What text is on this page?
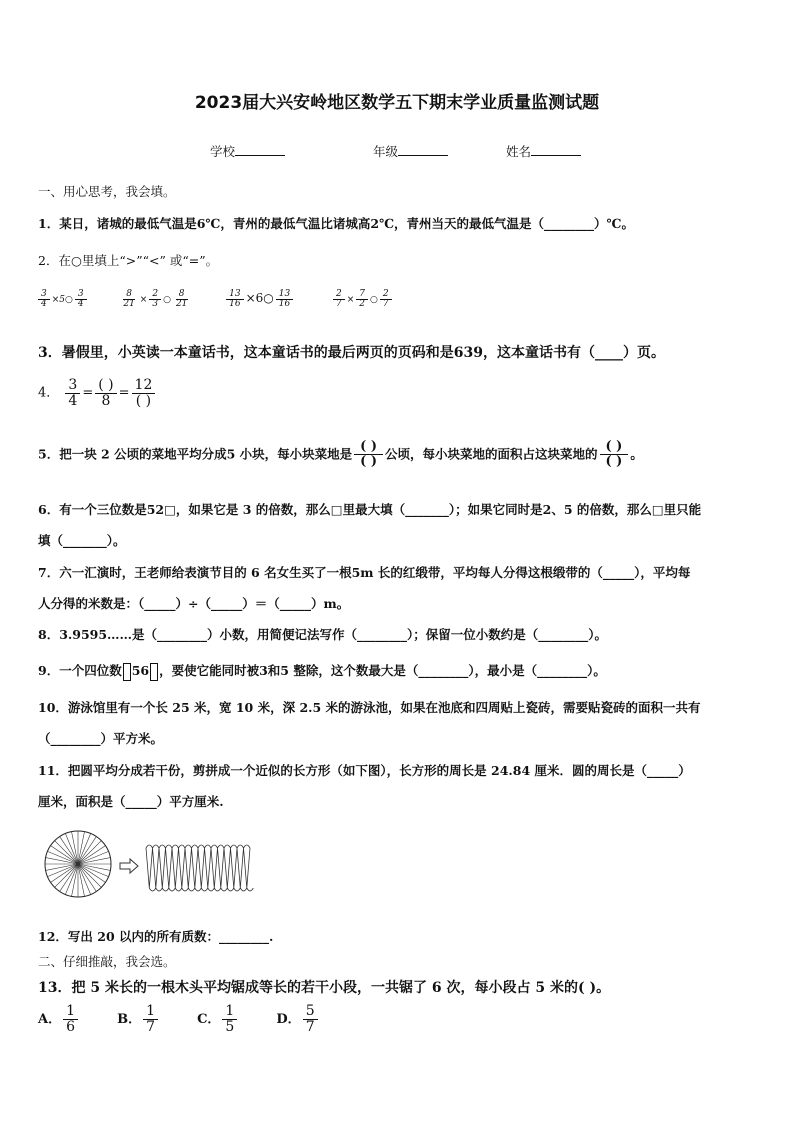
2023届大兴安岭地区数学五下期末学业质量监测试题
学校	年级	姓名
一、用心思考，我会填。
1．某日，诸城的最低气温是6℃，青州的最低气温比诸城高2℃，青州当天的最低气温是（________）℃。
2．在○里填上“>”“<” 或“=”。
$\frac{3}{4}$ ×5○ $\frac{3}{4}$
	$\frac{8}{21} \times \frac{2}{3}$ ○ $\frac{8}{21}$
	$\frac{13}{16}$ ×6○ $\frac{13}{16}$
	$\frac{2}{7} \times \frac{7}{2}$ ○ $\frac{2}{7}$
3．暑假里，小英读一本童话书，这本童话书的最后两页的页码和是639，这本童话书有（____）页。
4． $\frac{3}{4} = \frac{( )}{8} = \frac{12}{( )}$
5．把一块 2 公顷的菜地平均分成5 小块，每小块菜地是 $\frac{( )}{( )}$ 公顷，每小块菜地的面积占这块菜地的 $\frac{( )}{( )}$ 。
6．有一个三位数是52□，如果它是 3 的倍数，那么□里最大填（_______）；如果它同时是2、5 的倍数，那么□里只能
填（_______）。
7．六一汇演时，王老师给表演节目的 6 名女生买了一根5m 长的红缎带，平均每人分得这根缎带的（_____），平均每
人分得的米数是：（_____）÷（_____）＝（_____）m。
8．3.9595……是（________）小数，用简便记法写作（________）；保留一位小数约是（________）。
9．一个四位数 56 ，要使它能同时被3和5 整除，这个数最大是（________），最小是（________）。
10．游泳馆里有一个长 25 米，宽 10 米，深 2.5 米的游泳池，如果在池底和四周贴上瓷砖，需要贴瓷砖的面积一共有
（________）平方米。
11．把圆平均分成若干份，剪拼成一个近似的长方形（如下图），长方形的周长是 24.84 厘米．圆的周长是（_____）
厘米，面积是（_____）平方厘米.
12．写出 20 以内的所有质数：________.
二、仔细推敲，我会选。
13．把 5 米长的一根木头平均锯成等长的若干小段，一共锯了 6 次，每小段占 5 米的( )。
A． $\frac{1}{6}$	B． $\frac{1}{7}$	C． $\frac{1}{5}$	D． $\frac{5}{7}$
